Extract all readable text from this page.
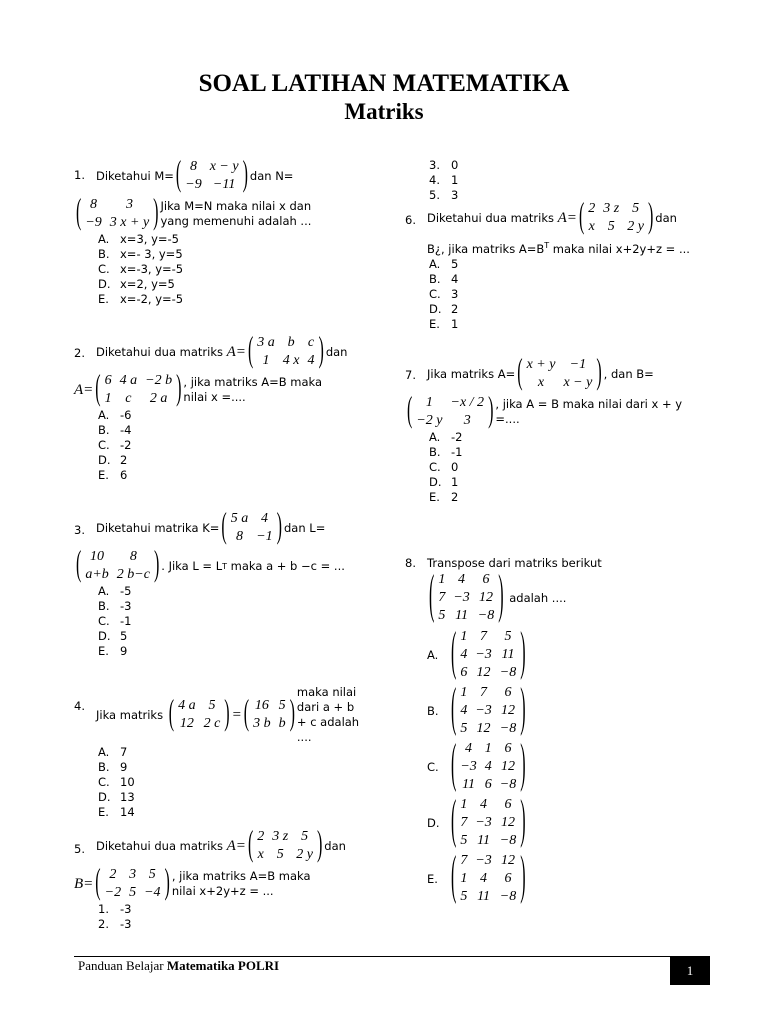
SOAL LATIHAN MATEMATIKA
Matriks
1. Diketahui M= ( 8	x − y
−9	−11 ) dan N=
( 8	3
−9	3 x + y ) Jika M=N maka nilai x dan yang memenuhi adalah ...
A. x=3, y=-5
B. x=- 3, y=5
C. x=-3, y=-5
D. x=2, y=5
E. x=-2, y=-5
2. Diketahui dua matriks
A= ( 3 a	b	c
1	4 x	4 ) dan
A= ( 6	4 a	−2 b
1	c	2 a ) , jika matriks A=B maka nilai x =....
A. -6
B. -4
C. -2
D. 2
E. 6
3. Diketahui matrika K= ( 5 a	4
8	−1 ) dan L=
( 10	8
a+b	2 b−c ) . Jika L = L T
maka a + b −c = ...
A. -5
B. -3
C. -1
D. 5
E. 9
4.
Jika matriks
( 4 a	5
12	2 c ) = ( 16	5
3 b	b )
maka nilai dari a + b + c adalah ....
A. 7
B. 9
C. 10
D. 13
E. 14
5. Diketahui dua matriks
A= ( 2	3 z	5
x	5	2 y ) dan
B= ( 2	3	5
−2	5	−4 ) , jika matriks A=B maka nilai x+2y+z = ...
1. -3
2. -3
3. 0
4. 1
5. 3
6. Diketahui dua matriks
A= ( 2	3 z	5
x	5	2 y ) dan
B¿, jika matriks $A=B^T$ maka nilai x+2y+z = ...
A. 5
B. 4
C. 3
D. 2
E. 1
7. Jika matriks A= ( x + y	−1
x	x − y ) , dan B=
( 1	−x / 2
−2 y	3 ) , jika A = B maka nilai dari x + y =....
A. -2
B. -1
C. 0
D. 1
E. 2
8. Transpose dari matriks berikut
( 1	4	6
7	−3	12
5	11	−8 )
adalah ....
A. ( 1	7	5
4	−3	11
6	12	−8 )
B. ( 1	7	6
4	−3	12
5	12	−8 )
C. ( 4	1	6
−3	4	12
11	6	−8 )
D. ( 1	4	6
7	−3	12
5	11	−8 )
E. ( 7	−3	12
1	4	6
5	11	−8 )
Panduan Belajar Matematika POLRI	1
